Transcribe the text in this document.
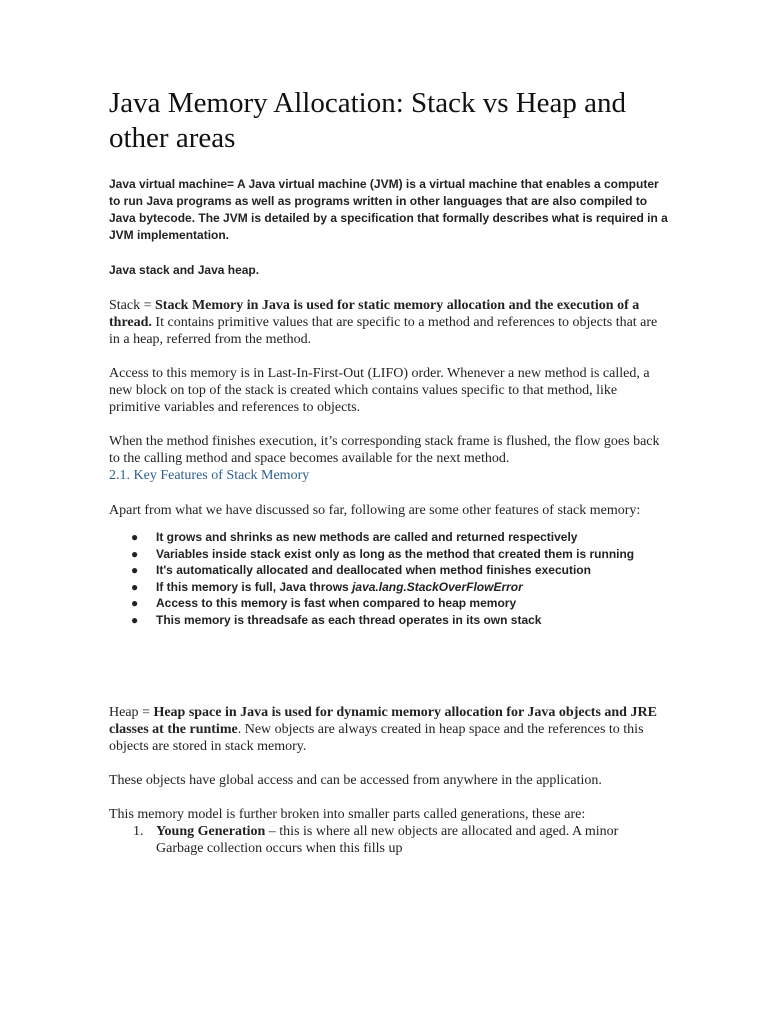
Java Memory Allocation: Stack vs Heap and other areas

Java virtual machine= A Java virtual machine (JVM) is a virtual machine that enables a computer to run Java programs as well as programs written in other languages that are also compiled to Java bytecode. The JVM is detailed by a specification that formally describes what is required in a JVM implementation.

Java stack and Java heap.

Stack = Stack Memory in Java is used for static memory allocation and the execution of a thread. It contains primitive values that are specific to a method and references to objects that are in a heap, referred from the method.

Access to this memory is in Last-In-First-Out (LIFO) order. Whenever a new method is called, a new block on top of the stack is created which contains values specific to that method, like primitive variables and references to objects.

When the method finishes execution, it’s corresponding stack frame is flushed, the flow goes back to the calling method and space becomes available for the next method.

2.1. Key Features of Stack Memory

Apart from what we have discussed so far, following are some other features of stack memory:

● It grows and shrinks as new methods are called and returned respectively
● Variables inside stack exist only as long as the method that created them is running
● It's automatically allocated and deallocated when method finishes execution
● If this memory is full, Java throws java.lang.StackOverFlowError
● Access to this memory is fast when compared to heap memory
● This memory is threadsafe as each thread operates in its own stack

Heap = Heap space in Java is used for dynamic memory allocation for Java objects and JRE classes at the runtime. New objects are always created in heap space and the references to this objects are stored in stack memory.

These objects have global access and can be accessed from anywhere in the application.

This memory model is further broken into smaller parts called generations, these are:

1. Young Generation – this is where all new objects are allocated and aged. A minor Garbage collection occurs when this fills up
